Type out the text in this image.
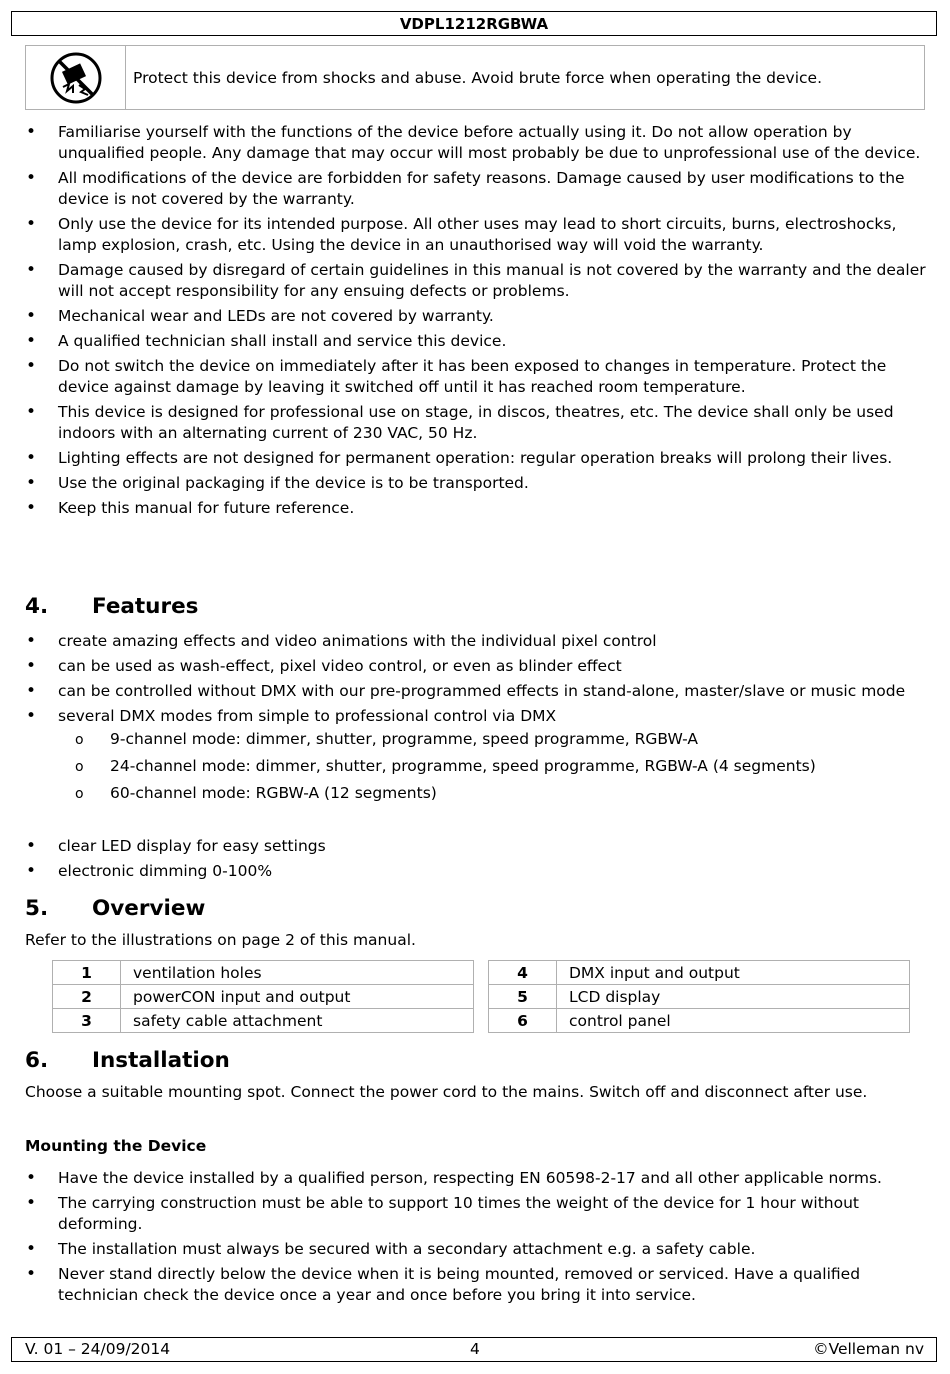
VDPL1212RGBWA
Protect this device from shocks and abuse. Avoid brute force when operating the device.
• Familiarise yourself with the functions of the device before actually using it. Do not allow operation by unqualified people. Any damage that may occur will most probably be due to unprofessional use of the device.
• All modifications of the device are forbidden for safety reasons. Damage caused by user modifications to the device is not covered by the warranty.
• Only use the device for its intended purpose. All other uses may lead to short circuits, burns, electroshocks, lamp explosion, crash, etc. Using the device in an unauthorised way will void the warranty.
• Damage caused by disregard of certain guidelines in this manual is not covered by the warranty and the dealer will not accept responsibility for any ensuing defects or problems.
• Mechanical wear and LEDs are not covered by warranty.
• A qualified technician shall install and service this device.
• Do not switch the device on immediately after it has been exposed to changes in temperature. Protect the device against damage by leaving it switched off until it has reached room temperature.
• This device is designed for professional use on stage, in discos, theatres, etc. The device shall only be used indoors with an alternating current of 230 VAC, 50 Hz.
• Lighting effects are not designed for permanent operation: regular operation breaks will prolong their lives.
• Use the original packaging if the device is to be transported.
• Keep this manual for future reference.
4. Features
• create amazing effects and video animations with the individual pixel control
• can be used as wash-effect, pixel video control, or even as blinder effect
• can be controlled without DMX with our pre-programmed effects in stand-alone, master/slave or music mode
• several DMX modes from simple to professional control via DMX
o 9-channel mode: dimmer, shutter, programme, speed programme, RGBW-A
o 24-channel mode: dimmer, shutter, programme, speed programme, RGBW-A (4 segments)
o 60-channel mode: RGBW-A (12 segments)
• clear LED display for easy settings
• electronic dimming 0-100%
5. Overview

Refer to the illustrations on page 2 of this manual.

1	ventilation holes
2	powerCON input and output
3	safety cable attachment
4	DMX input and output
5	LCD display
6	control panel
6. Installation

Choose a suitable mounting spot. Connect the power cord to the mains. Switch off and disconnect after use.

Mounting the Device

• Have the device installed by a qualified person, respecting EN 60598-2-17 and all other applicable norms.
• The carrying construction must be able to support 10 times the weight of the device for 1 hour without deforming.
• The installation must always be secured with a secondary attachment e.g. a safety cable.
• Never stand directly below the device when it is being mounted, removed or serviced. Have a qualified technician check the device once a year and once before you bring it into service.
V. 01 – 24/09/2014	4	©Velleman nv
